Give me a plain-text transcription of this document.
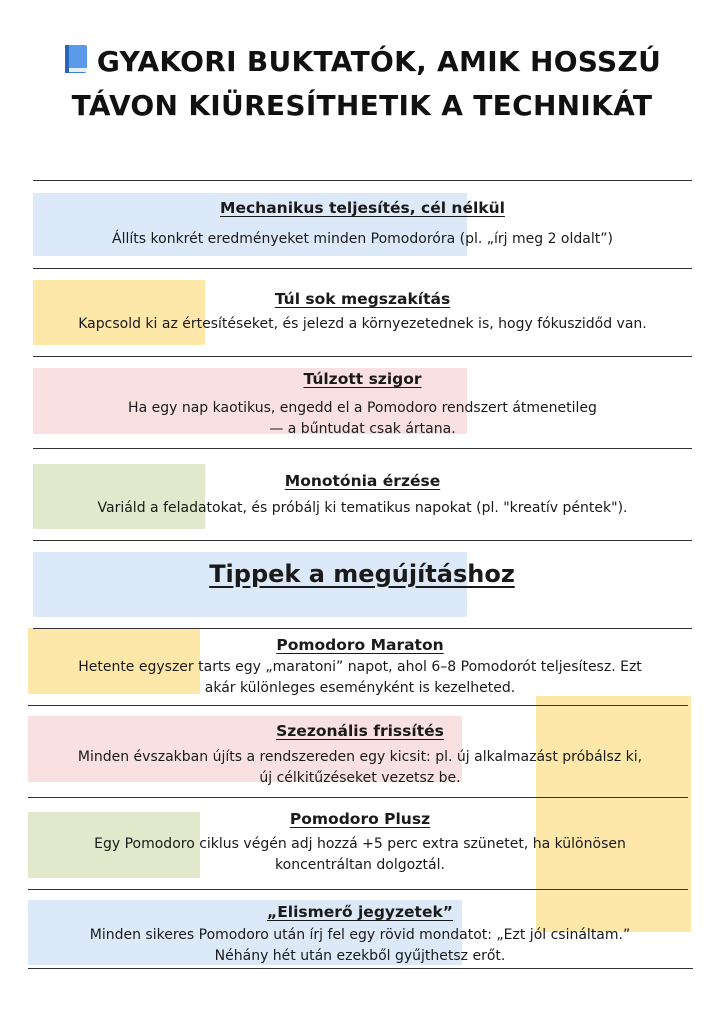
GYAKORI BUKTATÓK, AMIK HOSSZÚ
TÁVON KIÜRESÍTHETIK A TECHNIKÁT
Mechanikus teljesítés, cél nélkül
Állíts konkrét eredményeket minden Pomodoróra (pl. „írj meg 2 oldalt”)
Túl sok megszakítás
Kapcsold ki az értesítéseket, és jelezd a környezetednek is, hogy fókuszidőd van.
Túlzott szigor
Ha egy nap kaotikus, engedd el a Pomodoro rendszert átmenetileg
— a bűntudat csak ártana.
Monotónia érzése
Variáld a feladatokat, és próbálj ki tematikus napokat (pl. "kreatív péntek").
Tippek a megújításhoz
Pomodoro Maraton
Hetente egyszer tarts egy „maratoni” napot, ahol 6–8 Pomodorót teljesítesz. Ezt
akár különleges eseményként is kezelheted.
Szezonális frissítés
Minden évszakban újíts a rendszereden egy kicsit: pl. új alkalmazást próbálsz ki,
új célkitűzéseket vezetsz be.
Pomodoro Plusz
Egy Pomodoro ciklus végén adj hozzá +5 perc extra szünetet, ha különösen
koncentráltan dolgoztál.
„Elismerő jegyzetek”
Minden sikeres Pomodoro után írj fel egy rövid mondatot: „Ezt jól csináltam.”
Néhány hét után ezekből gyűjthetsz erőt.
